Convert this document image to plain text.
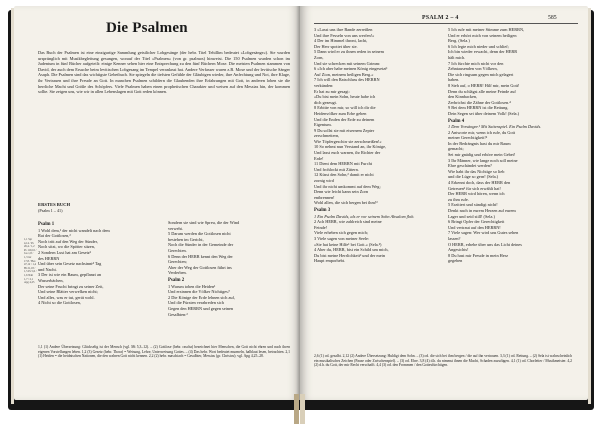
Die Psalmen
Das Buch der Psalmen ist eine einzigartige Sammlung geistlicher Lobgesänge (der hebr. Titel Tehillim bedeutet »Lobgesänge«). Sie wurden ursprünglich mit Musikbegleitung gesungen, worauf der Titel »Psalmen« (von gr. psalmos) hinweist. Die 150 Psalmen wurden schon im Judentum in fünf Bücher aufgeteilt: einige Kenner sehen hier eine Entsprechung zu den fünf Büchern Mose. Die meisten Psalmen stammen von David, der auch dem Ersuche beim levitischen Lobgesang im Tempel veranlasst hat. Andere Verfasser waren z.B. Mose und der levitische Sänger Asaph. Die Psalmen sind das wichtigste Gebetbuch. Sie spiegeln die tiefsten Gefühle der Gläubigen wieder, ihre Anfechtung und Not, ihre Klage, ihr Vertrauen und ihre Freude an Gott. In manchen Psalmen schildern die Glaubenden ihre Erfahrungen mit Gott, in anderen loben sie die herrliche Macht und Größe des Schöpfers. Viele Psalmen haben einen prophetischen Charakter und weisen auf den Messias hin, der kommen sollte. Sie zeigen uns, wie wir in allen Lebenslagen mit Gott reden können.
ERSTES BUCH
(Psalm 1 – 41)
1,1 Spr 4,14 / Ps 26,4 / 1,2 Ps 119,16 / Jos 1,8 / 1,3 Jer 17,8 / Hes 47,12 / 1,4 Hi 21,18 / 1,5 Ps 5,6 / 1,6 Nah 1,7 / 2,1 Apg 4,25
Psalm 1
1 Wohl dem,¹ der nicht wandelt nach dem
Rat der Gottlosen,²
Noch tritt auf den Weg der Sünder,
Noch sitzt, wo die Spötter sitzen,
2 Sondern Lust hat am Gesetz³
des HERRN
Und über sein Gesetz nachsinnt⁴ Tag
und Nacht.
3 Der ist wie ein Baum, gepflanzt an
Wasserbächen,
Der seine Frucht bringt zu seiner Zeit,
Und seine Blätter verwelken nicht;
Und alles, was er tut, gerät wohl.
4 Nicht so die Gottlosen,
Sondern sie sind wie Spreu, die der Wind
verweht.
5 Darum werden die Gottlosen nicht
bestehen im Gericht,
Noch die Sünder in der Gemeinde der
Gerechten.
6 Denn der HERR kennt den Weg der
Gerechten;
Aber der Weg der Gottlosen führt ins
Verderben.
Psalm 2
1 Warum toben die Heiden¹
Und ersinnen die Völker Nichtiges?
2 Die Könige der Erde lehnen sich auf,
Und die Fürsten verabreden sich
Gegen den HERRN und gegen seinen
Gesalbten:²
1,1 (1) Andere Übersetzung: Glückselig ist der Mensch (vgl. Mt 5,3–12). – (2) Gottlose (hebr. rascha) bezeichnet hier Menschen, die Gott nicht ehren und nach ihren eigenen Vorstellungen leben. 1,2 (3) Gesetz (hebr. Thora) = Weisung, Lehre, Unterweisung Gottes. – (4) Das hebr. Wort bedeutet murmeln, halblaut lesen, betrachten. 2,1 (1) Heiden = die heidnischen Nationen, die den wahren Gott nicht kennen. 2,2 (2) hebr. maschiach = Gesalbter, Messias (gr. Christos); vgl. Apg 4,25–28.
PSALM 2 – 4	585
3 »Lasst uns ihre Bande zerreißen
Und ihre Fesseln von uns werfen!«
4 Der im Himmel thront, lacht,
Der Herr spottet über sie.
5 Dann wird er zu ihnen reden in seinem
Zorn,
Und sie schrecken mit seinem Grimm:
6 »Ich aber habe meinen König eingesetzt¹
Auf Zion, meinem heiligen Berg.«
7 Ich will den Ratschluss des HERRN
verkünden:
Er hat zu mir gesagt:
»Du bist mein Sohn, heute habe ich
dich gezeugt.
8 Erbitte von mir, so will ich dir die
Heidenvölker zum Erbe geben
Und die Enden der Erde zu deinem
Eigentum.
9 Du sollst sie mit eisernem Zepter
zerschmettern,
Wie Töpfergeschirr sie zerschmeißen!«
10 So nehmt nun Verstand an, ihr Könige,
Und lasst euch warnen, ihr Richter der
Erde!
11 Dient dem HERRN mit Furcht
Und frohlockt mit Zittern.
12 Küsst den Sohn,² damit er nicht
zornig wird
Und ihr nicht umkommt auf dem Weg;
Denn wie leicht kann sein Zorn
entbrennen!
Wohl allen, die sich bergen bei ihm!³
Psalm 3
1 Ein Psalm Davids, als er vor seinem Sohn Absalom floh.
2 Ach HERR, wie zahlreich sind meine
Feinde!
Viele erheben sich gegen mich;
3 Viele sagen von meiner Seele:
»Sie hat keine Hilfe¹ bei Gott.« (Sela.²)
4 Aber du, HERR, bist ein Schild um mich,
Du bist meine Herrlichkeit³ und der mein
Haupt emporhebt.
5 Ich rufe mit meiner Stimme zum HERRN,
Und er erhört mich von seinem heiligen
Berg. (Sela.)
6 Ich legte mich nieder und schlief;
Ich bin wieder erwacht, denn der HERR
hält mich.
7 Ich fürchte mich nicht vor den
Zehntausenden von Völkern,
Die sich ringsum gegen mich gelagert
haben.
8 Steh auf, o HERR! Hilf mir, mein Gott!
Denn du schlägst alle meine Feinde auf
den Kinnbacken,
Zerbrichst die Zähne der Gottlosen.⁴
9 Bei dem HERRN ist die Rettung.
Dein Segen sei über deinem Volk! (Sela.)
Psalm 4
1 Dem Vorsänger.¹ Mit Saitenspiel. Ein Psalm Davids.
2 Antworte mir, wenn ich rufe, du Gott
meiner Gerechtigkeit!²
In der Bedrängnis hast du mir Raum
gemacht;
Sei mir gnädig und erhöre mein Gebet!
3 Ihr Männer, wie lange noch soll meine
Ehre geschändet werden?
Wie habt ihr das Nichtige so lieb
und die Lüge so gern! (Sela.)
4 Erkennt doch, dass der HERR den
Getreuen³ für sich erwählt hat!
Der HERR wird hören, wenn ich
zu ihm rufe.
5 Erzittert und sündigt nicht!
Denkt nach in eurem Herzen auf eurem
Lager und seid still! (Sela.)
6 Bringt Opfer der Gerechtigkeit
Und vertraut auf den HERRN!
7 Viele sagen: Wer wird uns Gutes sehen
lassen?
O HERR, erhebe über uns das Licht deines
Angesichts!
8 Du hast mir Freude in mein Herz
gegeben
2,6 (1) od. gesalbt. 2,12 (2) Andere Übersetzung: Huldigt dem Sohn. – (3) od. die sich bei ihm bergen / die auf ihn vertrauen. 3,3 (1) od. Rettung. – (2) Sela ist wahrscheinlich ein musikalisches Zeichen (Pause oder Zwischenspiel). – (3) od. Ehre. 3,8 (4) d.h. du nimmst ihnen die Macht, Schaden zuzufügen. 4,1 (1) od. Chorleiter / Musikmeister. 4,2 (2) d.h. du Gott, der mir Recht verschafft. 4,4 (3) od. den Frommen / den Gottesfürchtigen.
